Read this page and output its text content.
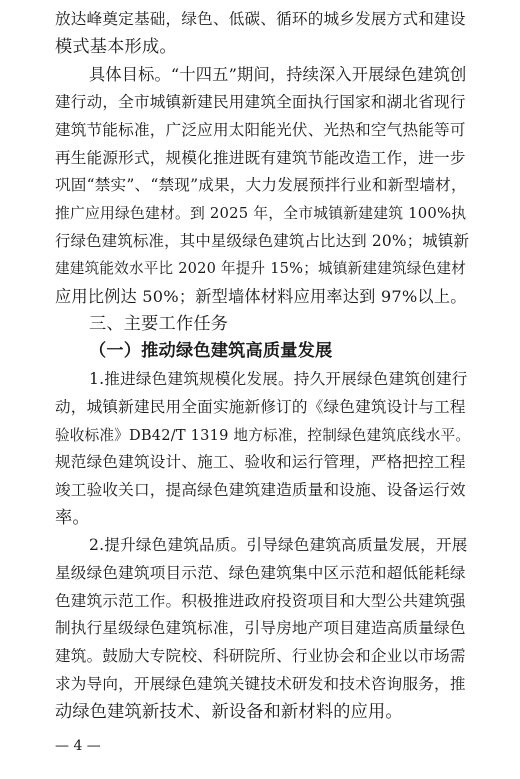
— 4 —
放达峰奠定基础，绿色、低碳、循环的城乡发展方式和建设
模式基本形成。
具体目标。“十四五”期间，持续深入开展绿色建筑创
建行动，全市城镇新建民用建筑全面执行国家和湖北省现行
建筑节能标准，广泛应用太阳能光伏、光热和空气热能等可
再生能源形式，规模化推进既有建筑节能改造工作，进一步
巩固“禁实”、“禁现”成果，大力发展预拌行业和新型墙材，
推广应用绿色建材。到 2025 年，全市城镇新建建筑 100%执
行绿色建筑标准，其中星级绿色建筑占比达到 20%；城镇新
建建筑能效水平比 2020 年提升 15%；城镇新建建筑绿色建材
应用比例达 50%；新型墙体材料应用率达到 97%以上。
三、主要工作任务
（一）推动绿色建筑高质量发展
1.推进绿色建筑规模化发展。持久开展绿色建筑创建行
动，城镇新建民用全面实施新修订的《绿色建筑设计与工程
验收标准》DB42/T 1319 地方标准，控制绿色建筑底线水平。
规范绿色建筑设计、施工、验收和运行管理，严格把控工程
竣工验收关口，提高绿色建筑建造质量和设施、设备运行效
率。
2.提升绿色建筑品质。引导绿色建筑高质量发展，开展
星级绿色建筑项目示范、绿色建筑集中区示范和超低能耗绿
色建筑示范工作。积极推进政府投资项目和大型公共建筑强
制执行星级绿色建筑标准，引导房地产项目建造高质量绿色
建筑。鼓励大专院校、科研院所、行业协会和企业以市场需
求为导向，开展绿色建筑关键技术研发和技术咨询服务，推
动绿色建筑新技术、新设备和新材料的应用。
